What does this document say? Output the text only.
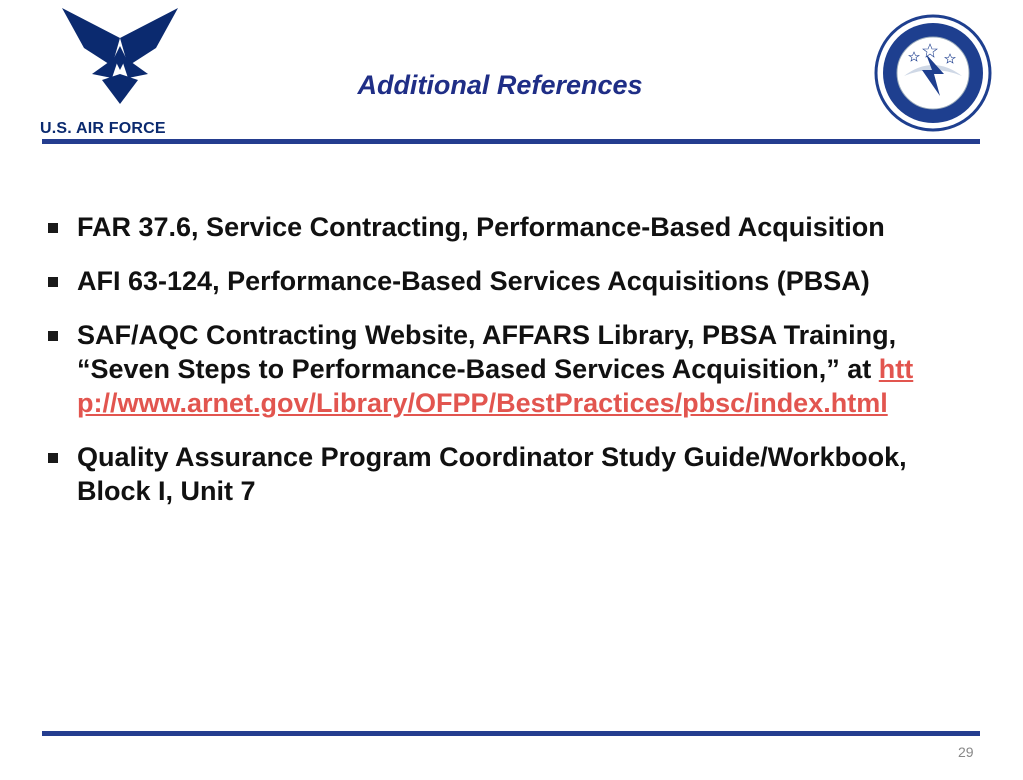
U.S. AIR FORCE
Additional References
FAR 37.6, Service Contracting, Performance-Based Acquisition
AFI 63-124, Performance-Based Services Acquisitions (PBSA)
SAF/AQC Contracting Website, AFFARS Library, PBSA Training, “Seven Steps to Performance-Based Services Acquisition,” at http://www.arnet.gov/Library/OFPP/BestPractices/pbsc/index.html
Quality Assurance Program Coordinator Study Guide/Workbook, Block I, Unit 7
29
